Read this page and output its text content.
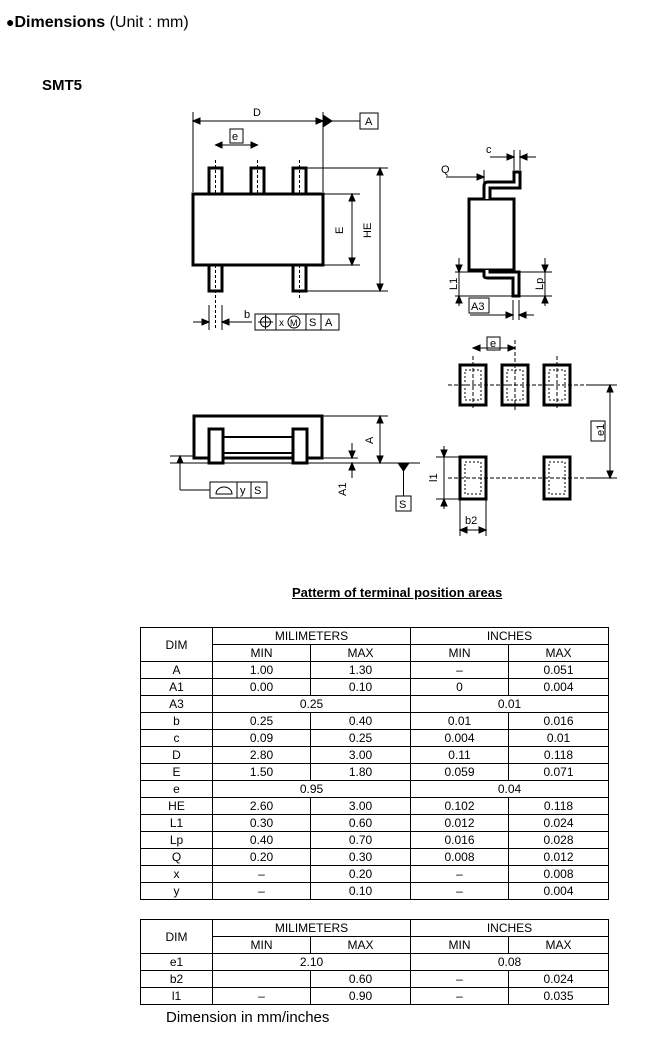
●Dimensions (Unit : mm)
SMT5
D
e
A
E HE
b
x M S A
Q
c
L1	Lp
A3
A
A1
y S
S
e
e1
l1
b2
Patterm of terminal position areas
DIM	MILIMETERS		INCHES	
	MIN	MAX	MIN	MAX
A	1.00	1.30	–	0.051
A1	0.00	0.10	0	0.004
A3	0.25		0.01	
b	0.25	0.40	0.01	0.016
c	0.09	0.25	0.004	0.01
D	2.80	3.00	0.11	0.118
E	1.50	1.80	0.059	0.071
e	0.95		0.04	
HE	2.60	3.00	0.102	0.118
L1	0.30	0.60	0.012	0.024
Lp	0.40	0.70	0.016	0.028
Q	0.20	0.30	0.008	0.012
x	–	0.20	–	0.008
y	–	0.10	–	0.004
DIM	MILIMETERS		INCHES	
	MIN	MAX	MIN	MAX
e1	2.10		0.08	
b2		0.60	–	0.024
l1	–	0.90	–	0.035
Dimension in mm/inches
